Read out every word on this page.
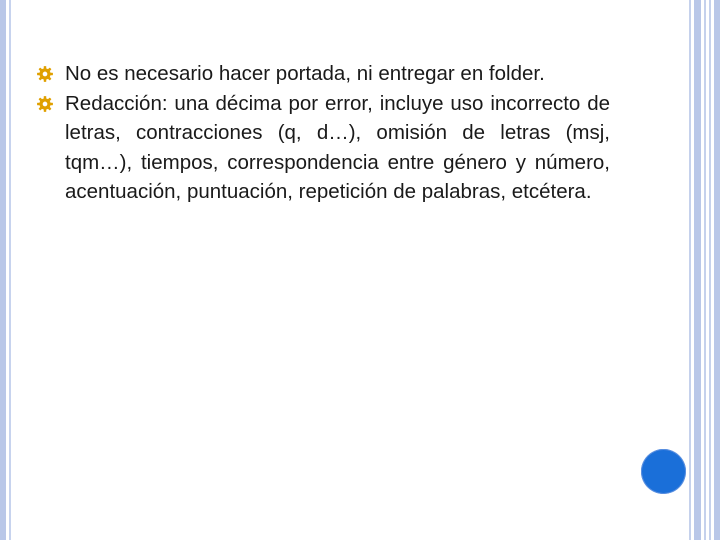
No es necesario hacer portada, ni entregar en folder.
Redacción: una décima por error, incluye uso incorrecto de letras, contracciones (q, d…), omisión de letras (msj, tqm…), tiempos, correspondencia entre género y número, acentuación, puntuación, repetición de palabras, etcétera.
